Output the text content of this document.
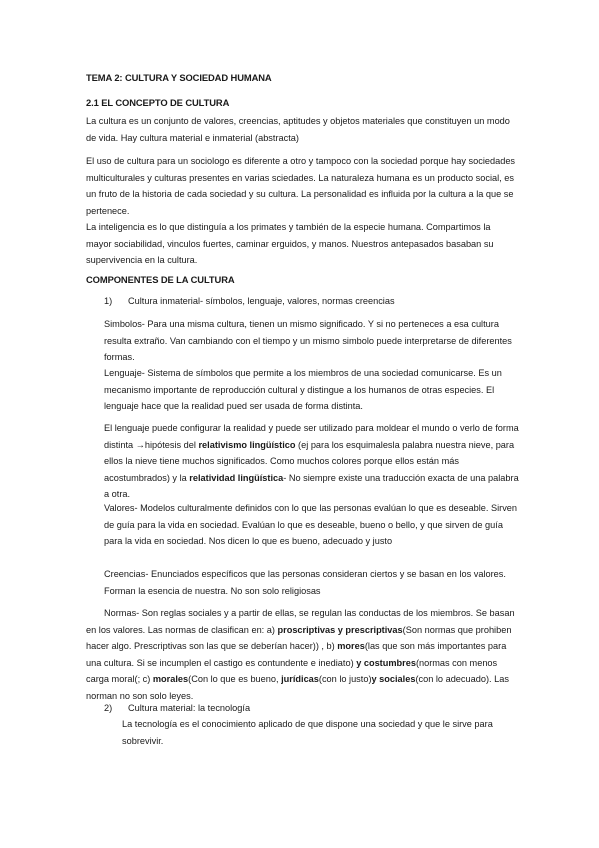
TEMA 2: CULTURA Y SOCIEDAD HUMANA
2.1 EL CONCEPTO DE CULTURA
La cultura es un conjunto de valores, creencias, aptitudes y objetos materiales que constituyen un modo de vida. Hay cultura material e inmaterial (abstracta)
El uso de cultura para un sociologo es diferente a otro y tampoco con la sociedad porque hay sociedades multiculturales y culturas presentes en varias sciedades. La naturaleza humana es un producto social, es un fruto de la historia de cada sociedad y su cultura. La personalidad es influida por la cultura a la que se pertenece.
La inteligencia es lo que distinguía a los primates y también de la especie humana. Compartimos la mayor sociabilidad, vinculos fuertes, caminar erguidos, y manos. Nuestros antepasados basaban su supervivencia en la cultura.
COMPONENTES DE LA CULTURA
1) Cultura inmaterial- símbolos, lenguaje, valores, normas creencias
Simbolos- Para una misma cultura, tienen un mismo significado. Y si no perteneces a esa cultura resulta extraño. Van cambiando con el tiempo y un mismo simbolo puede interpretarse de diferentes formas.
Lenguaje- Sistema de símbolos que permite a los miembros de una sociedad comunicarse. Es un mecanismo importante de reproducción cultural y distingue a los humanos de otras especies. El lenguaje hace que la realidad pued ser usada de forma distinta.
El lenguaje puede configurar la realidad y puede ser utilizado para moldear el mundo o verlo de forma distinta →hipótesis del relativismo lingüístico (ej para los esquimalesla palabra nuestra nieve, para ellos la nieve tiene muchos significados. Como muchos colores porque ellos están más acostumbrados) y la relatividad lingüística- No siempre existe una traducción exacta de una palabra a otra.
Valores- Modelos culturalmente definidos con lo que las personas evalúan lo que es deseable. Sirven de guía para la vida en sociedad. Evalúan lo que es deseable, bueno o bello, y que sirven de guía para la vida en sociedad. Nos dicen lo que es bueno, adecuado y justo
Creencias- Enunciados específicos que las personas consideran ciertos y se basan en los valores. Forman la esencia de nuestra. No son solo religiosas
Normas- Son reglas sociales y a partir de ellas, se regulan las conductas de los miembros. Se basan en los valores. Las normas de clasifican en: a) proscriptivas y prescriptivas(Son normas que prohiben hacer algo. Prescriptivas son las que se deberían hacer)) , b) mores(las que son más importantes para una cultura. Si se incumplen el castigo es contundente e inediato) y costumbres(normas con menos carga moral(; c) morales(Con lo que es bueno, jurídicas(con lo justo)y sociales(con lo adecuado). Las norman no son solo leyes.
2) Cultura material: la tecnología
La tecnología es el conocimiento aplicado de que dispone una sociedad y que le sirve para sobrevivir.
